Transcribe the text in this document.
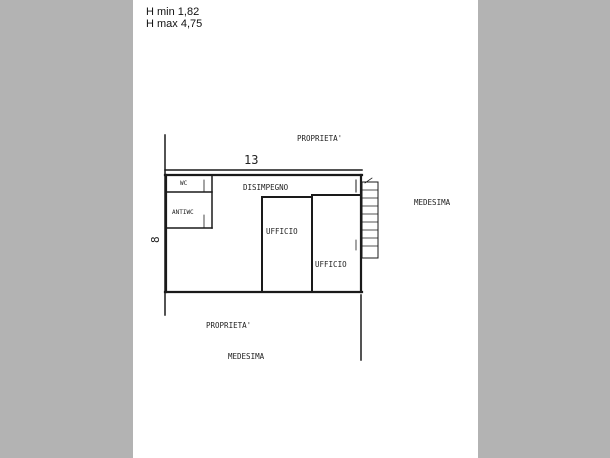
H min 1,82
H max 4,75
13
8
WC
ANTIWC
DISIMPEGNO
UFFICIO
UFFICIO
PROPRIETA'
MEDESIMA
PROPRIETA'
MEDESIMA
